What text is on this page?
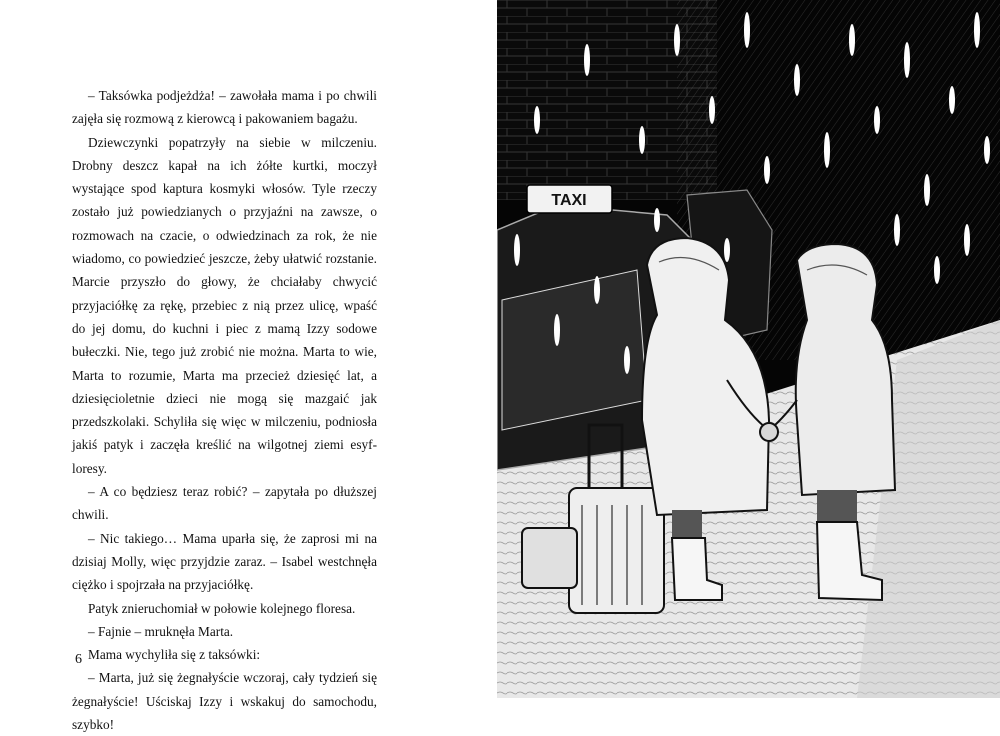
– Taksówka podjeżdża! – zawołała mama i po chwili zajęła się rozmową z kierowcą i pakowaniem bagażu.

Dziewczynki popatrzyły na siebie w milczeniu. Drobny deszcz kapał na ich żółte kurtki, moczył wystające spod kaptura kosmyki włosów. Tyle rzeczy zostało już powiedzianych o przyjaźni na zawsze, o rozmowach na czacie, o odwiedzinach za rok, że nie wiadomo, co powiedzieć jeszcze, żeby ułatwić rozstanie. Marcie przyszło do głowy, że chciałaby chwycić przyjaciółkę za rękę, przebiec z nią przez ulicę, wpaść do jej domu, do kuchni i piec z mamą Izzy sodowe bułeczki. Nie, tego już zrobić nie można. Marta to wie, Marta to rozumie, Marta ma przecież dziesięć lat, a dziesięcioletnie dzieci nie mogą się mazgaić jak przedszkolaki. Schyliła się więc w milczeniu, podniosła jakiś patyk i zaczęła kreślić na wilgotnej ziemi esyf-loresy.

– A co będziesz teraz robić? – zapytała po dłuższej chwili.

– Nic takiego… Mama uparła się, że zaprosi mi na dzisiaj Molly, więc przyjdzie zaraz. – Isabel westchnęła ciężko i spojrzała na przyjaciółkę.

Patyk znieruchomiał w połowie kolejnego floresa.

– Fajnie – mruknęła Marta.

Mama wychyliła się z taksówki:

– Marta, już się żegnałyście wczoraj, cały tydzień się żegnałyście! Uściskaj Izzy i wskakuj do samochodu, szybko!

6
TAXI
